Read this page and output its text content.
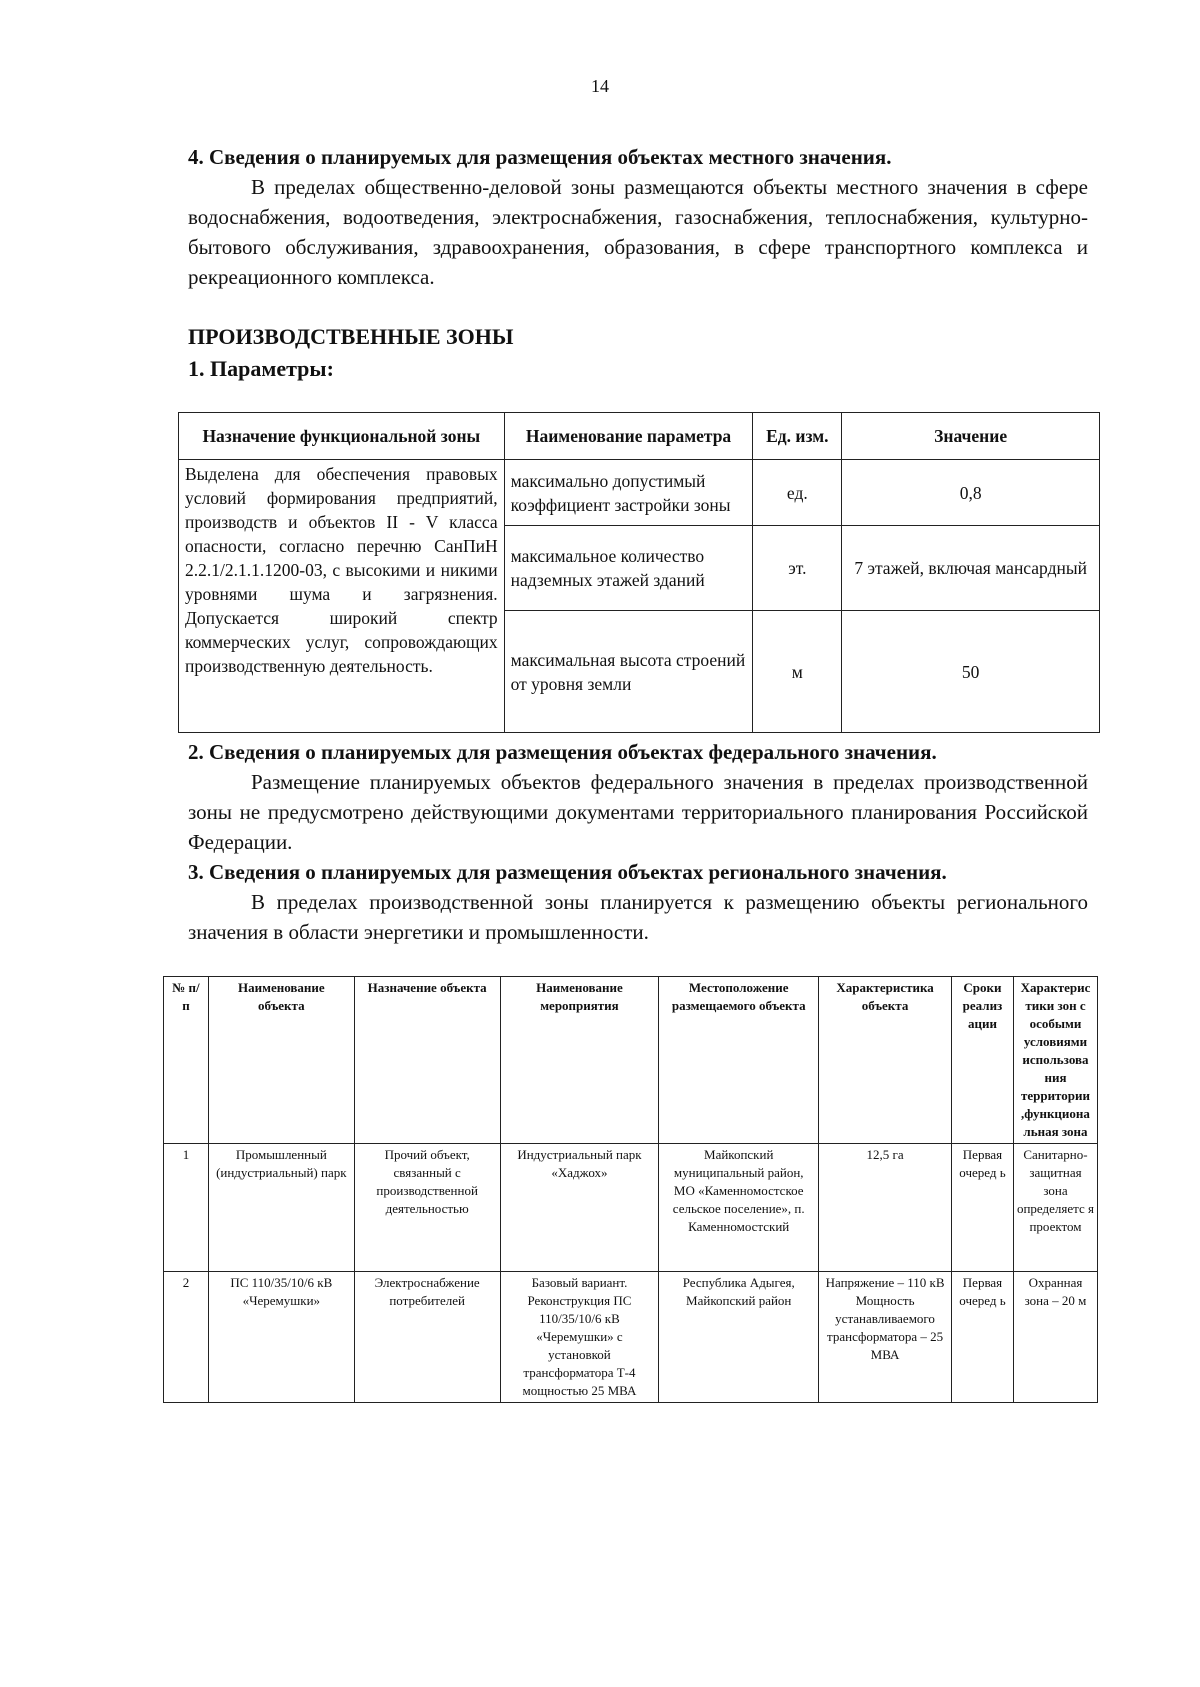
14

4. Сведения о планируемых для размещения объектах местного значения.

В пределах общественно-деловой зоны размещаются объекты местного значения в сфере водоснабжения, водоотведения, электроснабжения, газоснабжения, теплоснабжения, культурно-бытового обслуживания, здравоохранения, образования, в сфере транспортного комплекса и рекреационного комплекса.

ПРОИЗВОДСТВЕННЫЕ ЗОНЫ

1. Параметры:

Назначение функциональной зоны	Наименование параметра	Ед. изм.	Значение
Выделена для обеспечения правовых условий формирования предприятий, производств и объектов II - V класса опасности, согласно перечню СанПиН 2.2.1/2.1.1.1200-03, с высокими и никими уровнями шума и загрязнения. Допускается широкий спектр коммерческих услуг, сопровождающих производственную деятельность.	максимально допустимый коэффициент застройки зоны	ед.	0,8
	максимальное количество надземных этажей зданий	эт.	7 этажей, включая мансардный
	максимальная высота строений от уровня земли	м	50

2. Сведения о планируемых для размещения объектах федерального значения.

Размещение планируемых объектов федерального значения в пределах производственной зоны не предусмотрено действующими документами территориального планирования Российской Федерации.

3. Сведения о планируемых для размещения объектах регионального значения.

В пределах производственной зоны планируется к размещению объекты регионального значения в области энергетики и промышленности.

№ п/п	Наименование объекта	Назначение объекта	Наименование мероприятия	Местоположение размещаемого объекта	Характеристика объекта	Сроки реализ ации	Характерис тики зон с особыми условиями использова ния территории ,функциона льная зона
1	Промышленный (индустриальный) парк	Прочий объект, связанный с производственной деятельностью	Индустриальный парк «Хаджох»	Майкопский муниципальный район, МО «Каменномостское сельское поселение», п. Каменномостский	12,5 га	Первая очеред ь	Санитарно-защитная зона определяетс я проектом
2	ПС 110/35/10/6 кВ «Черемушки»	Электроснабжение потребителей	Базовый вариант. Реконструкция ПС 110/35/10/6 кВ «Черемушки» с установкой трансформатора Т-4 мощностью 25 МВА	Республика Адыгея, Майкопский район	Напряжение – 110 кВ Мощность устанавливаемого трансформатора – 25 МВА	Первая очеред ь	Охранная зона – 20 м
